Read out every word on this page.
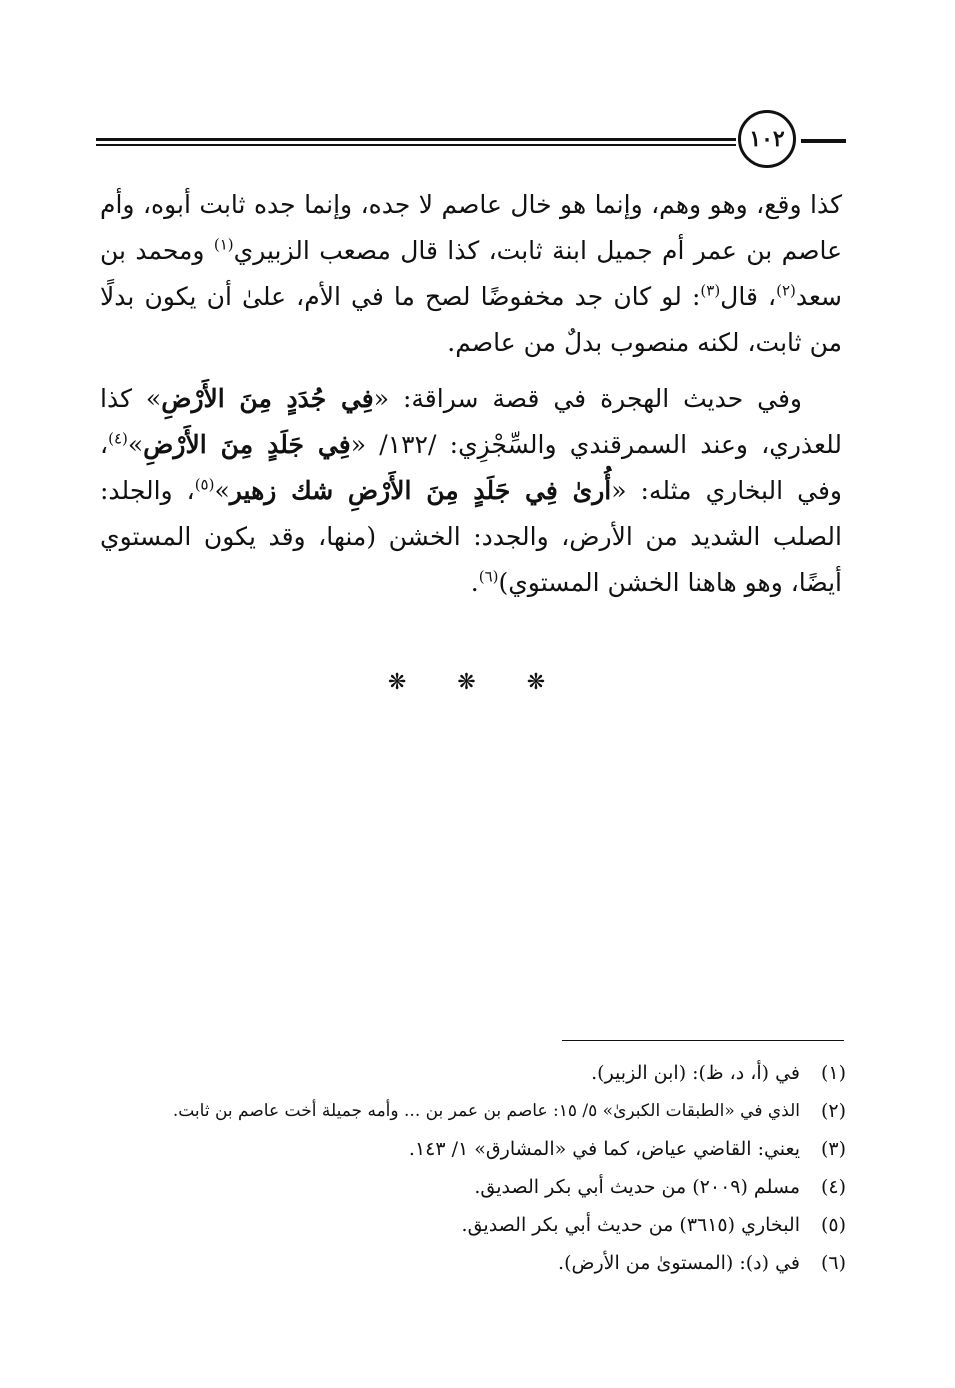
١٠٢

كذا وقع، وهو وهم، وإنما هو خال عاصم لا جده، وإنما جده ثابت أبوه، وأم عاصم بن عمر أم جميل ابنة ثابت، كذا قال مصعب الزبيري$^{(١)}$ ومحمد بن سعد$^{(٢)}$، قال$^{(٣)}$: لو كان جد مخفوضًا لصح ما في الأم، علىٰ أن يكون بدلًا من ثابت، لكنه منصوب بدلٌ من عاصم.

وفي حديث الهجرة في قصة سراقة: «فِي جُدَدٍ مِنَ الأَرْضِ» كذا للعذري، وعند السمرقندي والسِّجْزِي: /١٣٢/ «فِي جَلَدٍ مِنَ الأَرْضِ»$^{(٤)}$، وفي البخاري مثله: «أُرىٰ فِي جَلَدٍ مِنَ الأَرْضِ شك زهير»$^{(٥)}$، والجلد: الصلب الشديد من الأرض، والجدد: الخشن (منها، وقد يكون المستوي أيضًا، وهو هاهنا الخشن المستوي)$^{(٦)}$.

❋ ❋ ❋
(١)
في (أ، د، ظ): (ابن الزبير).
(٢)
الذي في «الطبقات الكبرىٰ» ٥/ ١٥: عاصم بن عمر بن ... وأمه جميلة أخت عاصم بن ثابت.
(٣)
يعني: القاضي عياض، كما في «المشارق» ١/ ١٤٣.
(٤)
مسلم (٢٠٠٩) من حديث أبي بكر الصديق.
(٥)
البخاري (٣٦١٥) من حديث أبي بكر الصديق.
(٦)
في (د): (المستوىٰ من الأرض).
